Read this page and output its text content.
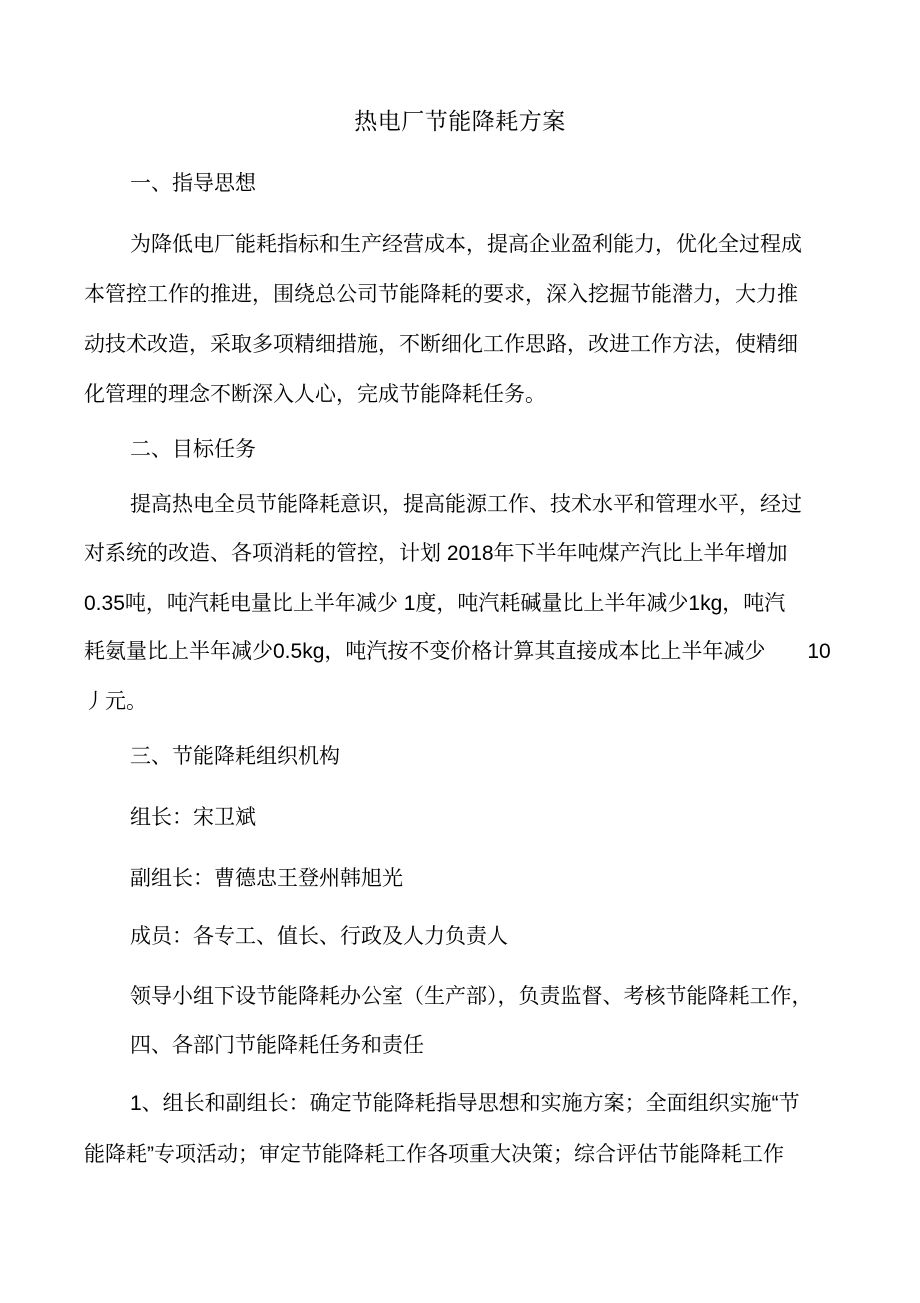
热电厂节能降耗方案
一、指导思想
为降低电厂能耗指标和生产经营成本，提高企业盈利能力，优化全过程成
本管控工作的推进，围绕总公司节能降耗的要求，深入挖掘节能潜力，大力推
动技术改造，采取多项精细措施，不断细化工作思路，改进工作方法，使精细
化管理的理念不断深入人心，完成节能降耗任务。
二、目标任务
提高热电全员节能降耗意识，提高能源工作、技术水平和管理水平，经过
对系统的改造、各项消耗的管控，计划 2018年下半年吨煤产汽比上半年增加
0.35吨，吨汽耗电量比上半年减少 1度，吨汽耗碱量比上半年减少1kg，吨汽
耗氨量比上半年减少0.5kg，吨汽按不变价格计算其直接成本比上半年减少　　10
丿元。
三、节能降耗组织机构
组长：宋卫斌
副组长：曹德忠王登州韩旭光
成员：各专工、值长、行政及人力负责人
领导小组下设节能降耗办公室（生产部），负责监督、考核节能降耗工作，
四、各部门节能降耗任务和责任
1、组长和副组长：确定节能降耗指导思想和实施方案；全面组织实施“节
能降耗”专项活动；审定节能降耗工作各项重大决策；综合评估节能降耗工作
